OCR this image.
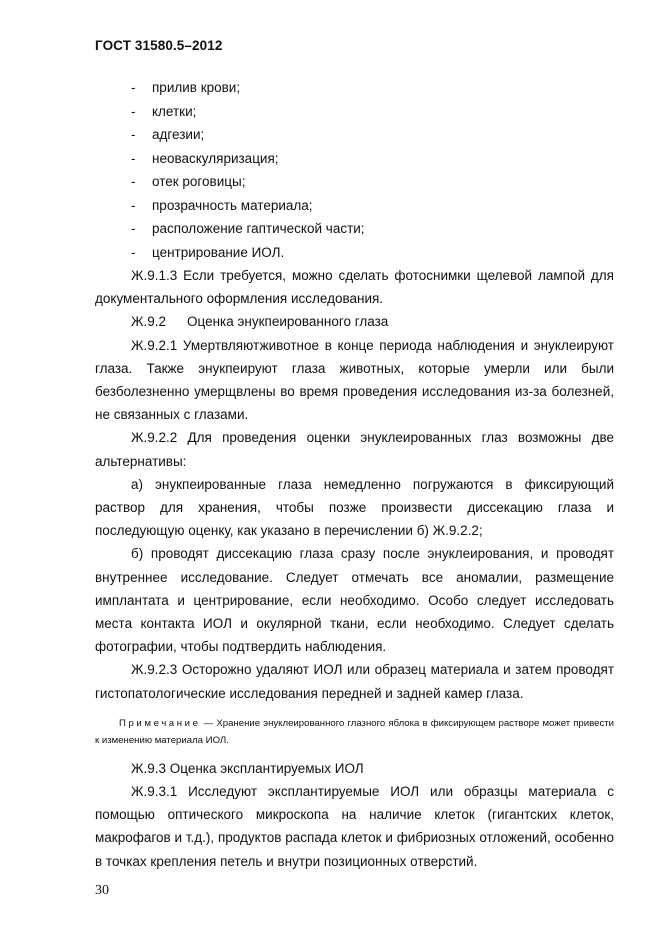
ГОСТ 31580.5–2012
- прилив крови;
- клетки;
- адгезии;
- неоваскуляризация;
- отек роговицы;
- прозрачность материала;
- расположение гаптической части;
- центрирование ИОЛ.

Ж.9.1.3 Если требуется, можно сделать фотоснимки щелевой лампой для документального оформления исследования.

Ж.9.2 Оценка энукпеированного глаза

Ж.9.2.1 Умертвляютживотное в конце периода наблюдения и энуклеируют глаза. Также энукпеируют глаза животных, которые умерли или были безболезненно умерщвлены во время проведения исследования из-за болезней, не связанных с глазами.

Ж.9.2.2 Для проведения оценки энуклеированных глаз возможны две альтернативы:

а) энукпеированные глаза немедленно погружаются в фиксирующий раствор для хранения, чтобы позже произвести диссекацию глаза и последующую оценку, как указано в перечислении б) Ж.9.2.2;

б) проводят диссекацию глаза сразу после энуклеирования, и проводят внутреннее исследование. Следует отмечать все аномалии, размещение имплантата и центрирование, если необходимо. Особо следует исследовать места контакта ИОЛ и окулярной ткани, если необходимо. Следует сделать фотографии, чтобы подтвердить наблюдения.

Ж.9.2.3 Осторожно удаляют ИОЛ или образец материала и затем проводят гистопатологические исследования передней и задней камер глаза.

Примечание — Хранение энуклеированного глазного яблока в фиксирующем растворе может привести к изменению материала ИОЛ.

Ж.9.3 Оценка эксплантируемых ИОЛ

Ж.9.3.1 Исследуют эксплантируемые ИОЛ или образцы материала с помощью оптического микроскопа на наличие клеток (гигантских клеток, макрофагов и т.д.), продуктов распада клеток и фибриозных отложений, особенно в точках крепления петель и внутри позиционных отверстий.

30
